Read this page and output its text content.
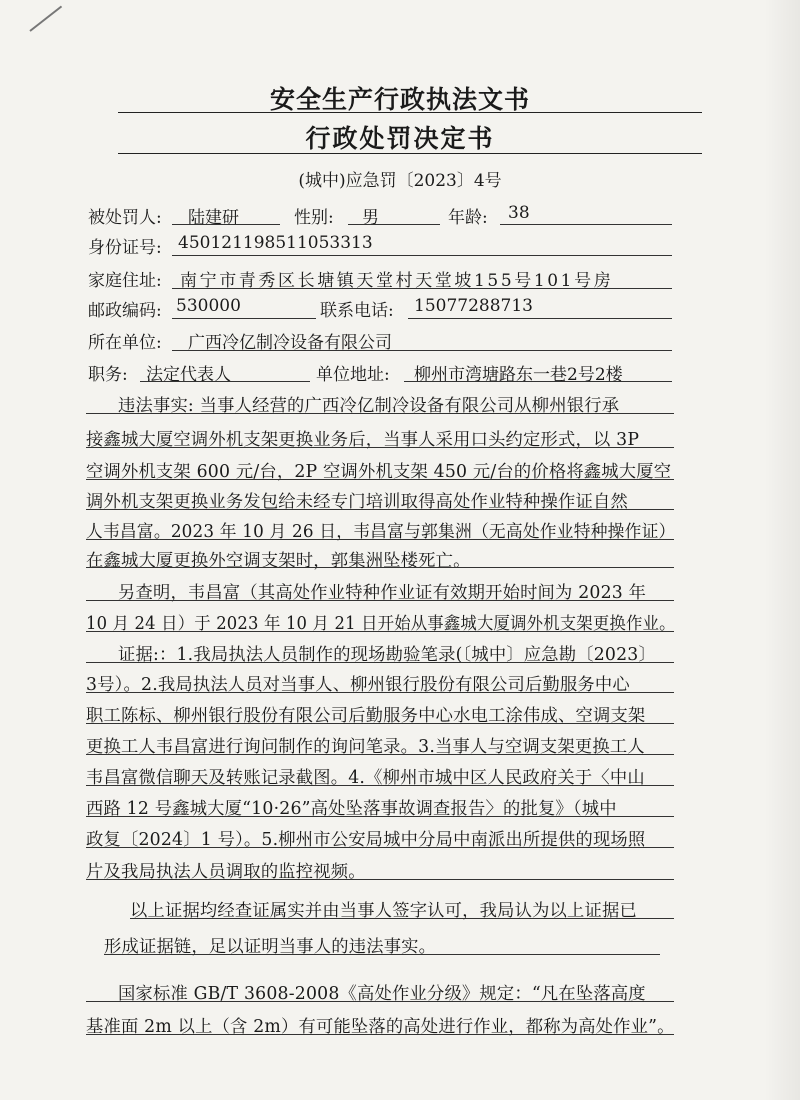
安全生产行政执法文书
行政处罚决定书
(城中)应急罚〔2023〕4号
被处罚人: 陆建研	性别: 男	年龄: 38
身份证号: 450121198511053313
家庭住址: 南宁市青秀区长塘镇天堂村天堂坡155号101号房
邮政编码: 530000	联系电话: 15077288713
所在单位: 广西冷亿制冷设备有限公司
职务: 法定代表人	单位地址: 柳州市湾塘路东一巷2号2楼
违法事实: 当事人经营的广西冷亿制冷设备有限公司从柳州银行承
接鑫城大厦空调外机支架更换业务后，当事人采用口头约定形式，以 3P
空调外机支架 600 元/台，2P 空调外机支架 450 元/台的价格将鑫城大厦空
调外机支架更换业务发包给未经专门培训取得高处作业特种操作证自然
人韦昌富。2023 年 10 月 26 日，韦昌富与郭集洲（无高处作业特种操作证）
在鑫城大厦更换外空调支架时，郭集洲坠楼死亡。
另查明，韦昌富（其高处作业特种作业证有效期开始时间为 2023 年
10 月 24 日）于 2023 年 10 月 21 日开始从事鑫城大厦调外机支架更换作业。
证据:：1.我局执法人员制作的现场勘验笔录(〔城中〕应急勘〔2023〕
3号）。2.我局执法人员对当事人、柳州银行股份有限公司后勤服务中心
职工陈标、柳州银行股份有限公司后勤服务中心水电工涂伟成、空调支架
更换工人韦昌富进行询问制作的询问笔录。3.当事人与空调支架更换工人
韦昌富微信聊天及转账记录截图。4.《柳州市城中区人民政府关于〈中山
西路 12 号鑫城大厦“10·26”高处坠落事故调查报告〉的批复》（城中
政复〔2024〕1 号）。5.柳州市公安局城中分局中南派出所提供的现场照
片及我局执法人员调取的监控视频。
以上证据均经查证属实并由当事人签字认可，我局认为以上证据已
形成证据链，足以证明当事人的违法事实。
国家标准 GB/T 3608-2008《高处作业分级》规定：“凡在坠落高度
基准面 2m 以上（含 2m）有可能坠落的高处进行作业，都称为高处作业”。
